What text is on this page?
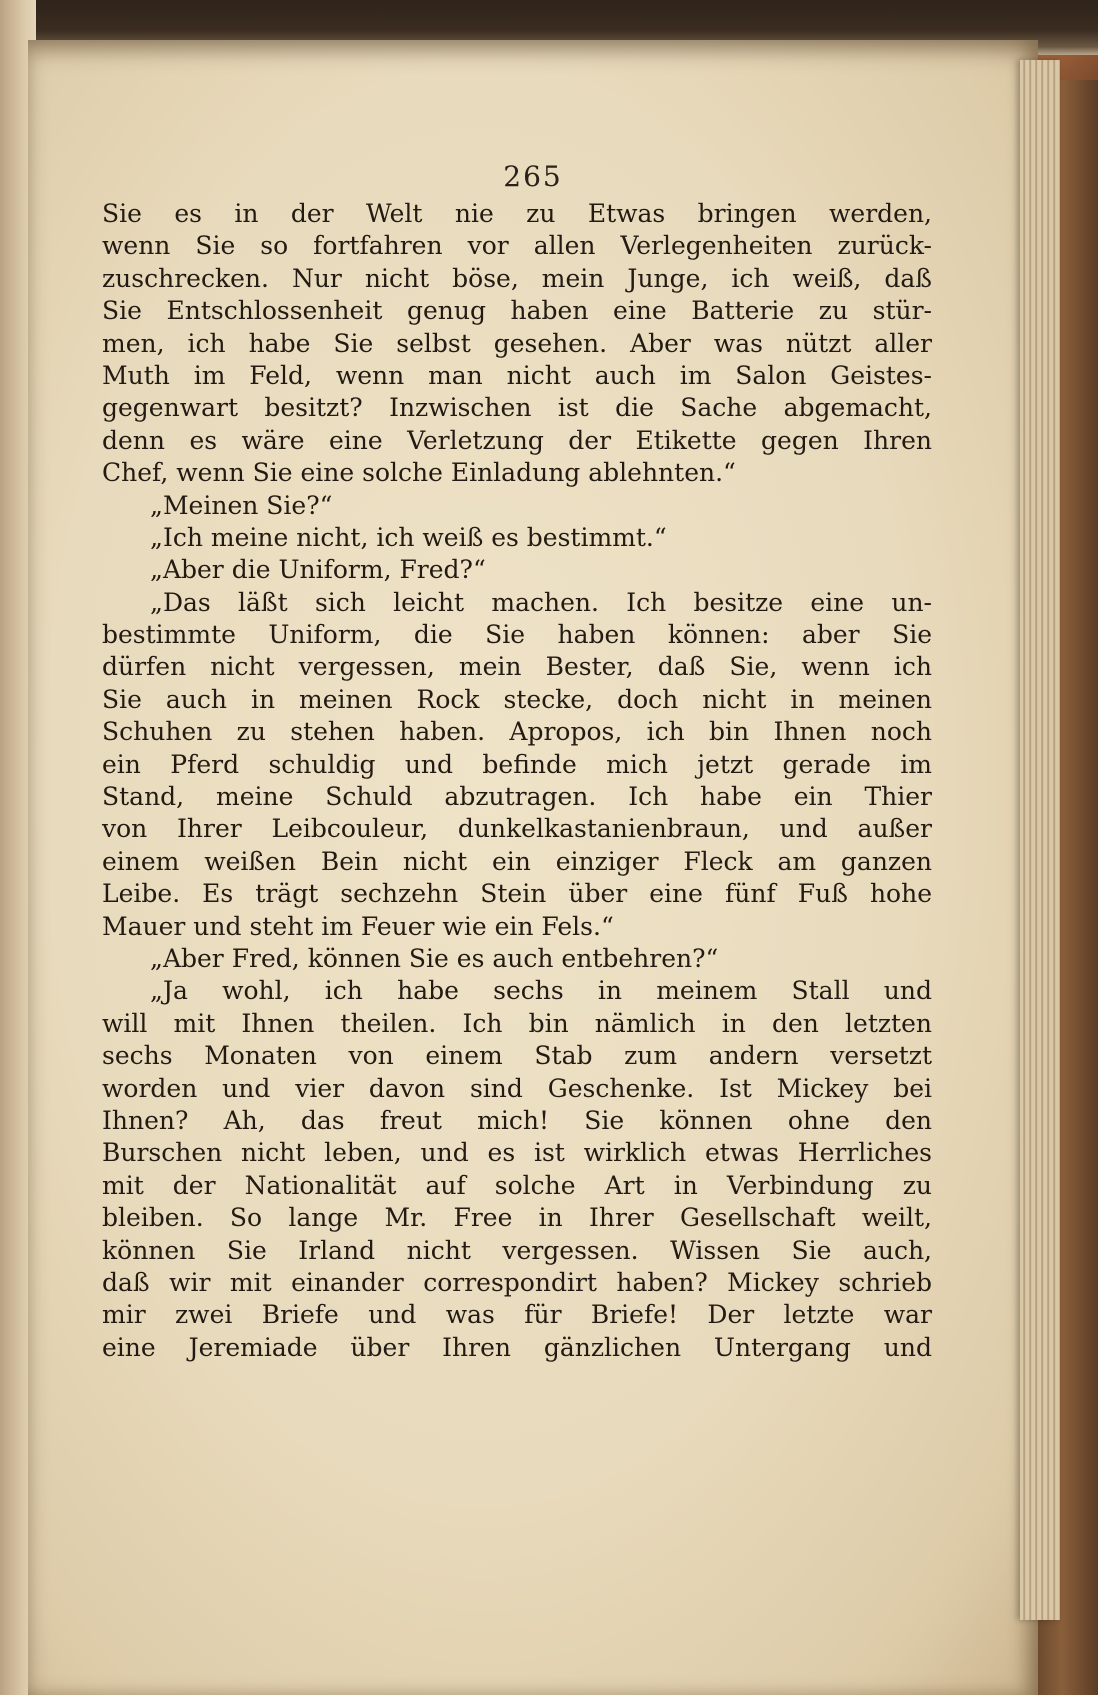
265
Sie es in der Welt nie zu Etwas bringen werden,
wenn Sie so fortfahren vor allen Verlegenheiten zurück-
zuschrecken. Nur nicht böse, mein Junge, ich weiß, daß
Sie Entschlossenheit genug haben eine Batterie zu stür-
men, ich habe Sie selbst gesehen. Aber was nützt aller
Muth im Feld, wenn man nicht auch im Salon Geistes-
gegenwart besitzt? Inzwischen ist die Sache abgemacht,
denn es wäre eine Verletzung der Etikette gegen Ihren
Chef, wenn Sie eine solche Einladung ablehnten.“
„Meinen Sie?“
„Ich meine nicht, ich weiß es bestimmt.“
„Aber die Uniform, Fred?“
„Das läßt sich leicht machen. Ich besitze eine un-
bestimmte Uniform, die Sie haben können: aber Sie
dürfen nicht vergessen, mein Bester, daß Sie, wenn ich
Sie auch in meinen Rock stecke, doch nicht in meinen
Schuhen zu stehen haben. Apropos, ich bin Ihnen noch
ein Pferd schuldig und befinde mich jetzt gerade im
Stand, meine Schuld abzutragen. Ich habe ein Thier
von Ihrer Leibcouleur, dunkelkastanienbraun, und außer
einem weißen Bein nicht ein einziger Fleck am ganzen
Leibe. Es trägt sechzehn Stein über eine fünf Fuß hohe
Mauer und steht im Feuer wie ein Fels.“
„Aber Fred, können Sie es auch entbehren?“
„Ja wohl, ich habe sechs in meinem Stall und
will mit Ihnen theilen. Ich bin nämlich in den letzten
sechs Monaten von einem Stab zum andern versetzt
worden und vier davon sind Geschenke. Ist Mickey bei
Ihnen? Ah, das freut mich! Sie können ohne den
Burschen nicht leben, und es ist wirklich etwas Herrliches
mit der Nationalität auf solche Art in Verbindung zu
bleiben. So lange Mr. Free in Ihrer Gesellschaft weilt,
können Sie Irland nicht vergessen. Wissen Sie auch,
daß wir mit einander correspondirt haben? Mickey schrieb
mir zwei Briefe und was für Briefe! Der letzte war
eine Jeremiade über Ihren gänzlichen Untergang und
